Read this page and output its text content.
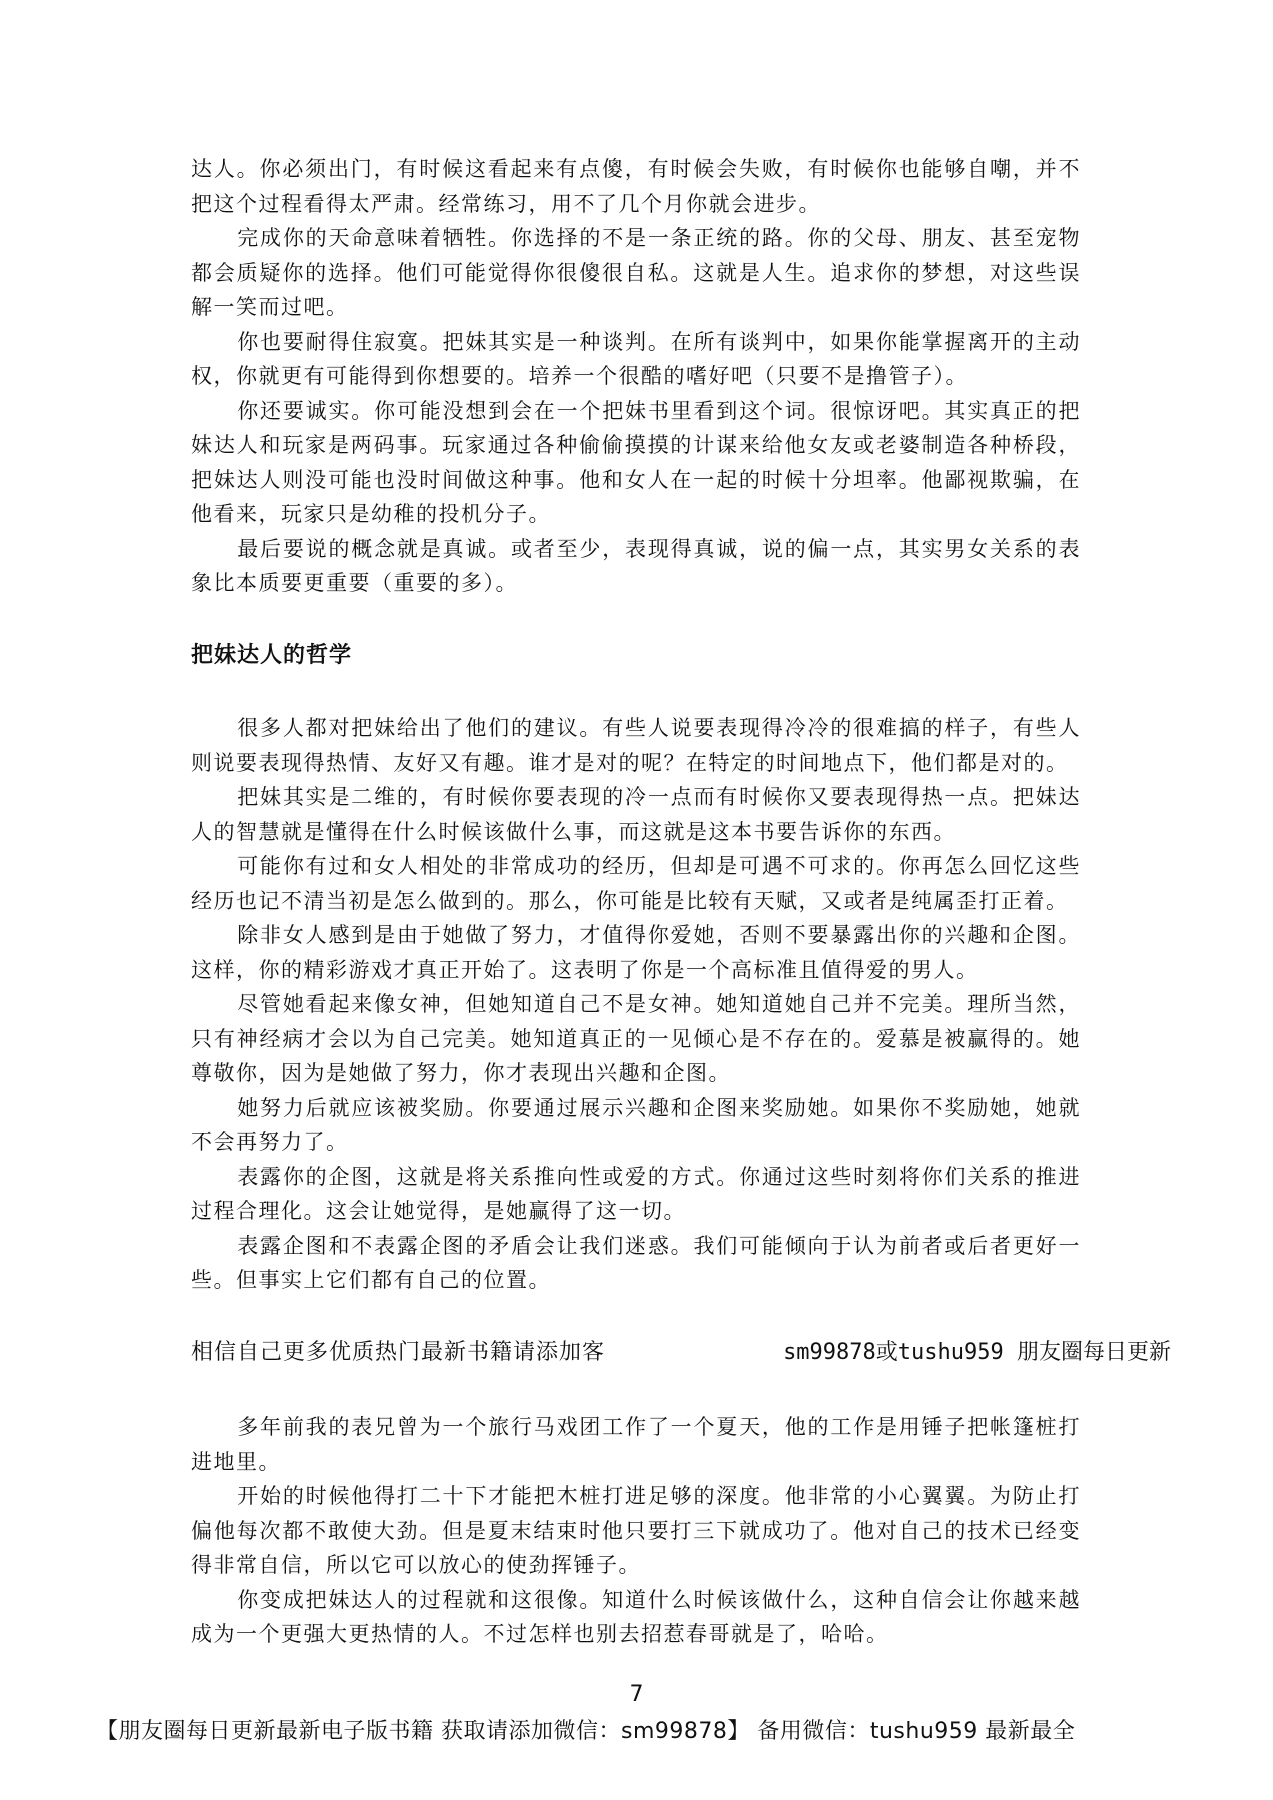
达人。你必须出门，有时候这看起来有点傻，有时候会失败，有时候你也能够自嘲，并不把这个过程看得太严肃。经常练习，用不了几个月你就会进步。

完成你的天命意味着牺牲。你选择的不是一条正统的路。你的父母、朋友、甚至宠物都会质疑你的选择。他们可能觉得你很傻很自私。这就是人生。追求你的梦想，对这些误解一笑而过吧。

你也要耐得住寂寞。把妹其实是一种谈判。在所有谈判中，如果你能掌握离开的主动权，你就更有可能得到你想要的。培养一个很酷的嗜好吧（只要不是撸管子）。

你还要诚实。你可能没想到会在一个把妹书里看到这个词。很惊讶吧。其实真正的把妹达人和玩家是两码事。玩家通过各种偷偷摸摸的计谋来给他女友或老婆制造各种桥段，把妹达人则没可能也没时间做这种事。他和女人在一起的时候十分坦率。他鄙视欺骗，在他看来，玩家只是幼稚的投机分子。

最后要说的概念就是真诚。或者至少，表现得真诚，说的偏一点，其实男女关系的表象比本质要更重要（重要的多）。

把妹达人的哲学

很多人都对把妹给出了他们的建议。有些人说要表现得冷冷的很难搞的样子，有些人则说要表现得热情、友好又有趣。谁才是对的呢？在特定的时间地点下，他们都是对的。

把妹其实是二维的，有时候你要表现的冷一点而有时候你又要表现得热一点。把妹达人的智慧就是懂得在什么时候该做什么事，而这就是这本书要告诉你的东西。

可能你有过和女人相处的非常成功的经历，但却是可遇不可求的。你再怎么回忆这些经历也记不清当初是怎么做到的。那么，你可能是比较有天赋，又或者是纯属歪打正着。

除非女人感到是由于她做了努力，才值得你爱她，否则不要暴露出你的兴趣和企图。这样，你的精彩游戏才真正开始了。这表明了你是一个高标准且值得爱的男人。

尽管她看起来像女神，但她知道自己不是女神。她知道她自己并不完美。理所当然，只有神经病才会以为自己完美。她知道真正的一见倾心是不存在的。爱慕是被赢得的。她尊敬你，因为是她做了努力，你才表现出兴趣和企图。

她努力后就应该被奖励。你要通过展示兴趣和企图来奖励她。如果你不奖励她，她就不会再努力了。

表露你的企图，这就是将关系推向性或爱的方式。你通过这些时刻将你们关系的推进过程合理化。这会让她觉得，是她赢得了这一切。

表露企图和不表露企图的矛盾会让我们迷惑。我们可能倾向于认为前者或后者更好一些。但事实上它们都有自己的位置。

相信自己更多优质热门最新书籍请添加客	sm99878或tushu959 朋友圈每日更新

多年前我的表兄曾为一个旅行马戏团工作了一个夏天，他的工作是用锤子把帐篷桩打进地里。

开始的时候他得打二十下才能把木桩打进足够的深度。他非常的小心翼翼。为防止打偏他每次都不敢使大劲。但是夏末结束时他只要打三下就成功了。他对自己的技术已经变得非常自信，所以它可以放心的使劲挥锤子。

你变成把妹达人的过程就和这很像。知道什么时候该做什么，这种自信会让你越来越成为一个更强大更热情的人。不过怎样也别去招惹春哥就是了，哈哈。

7
【朋友圈每日更新最新电子版书籍 获取请添加微信：sm99878】 备用微信：tushu959 最新最全
